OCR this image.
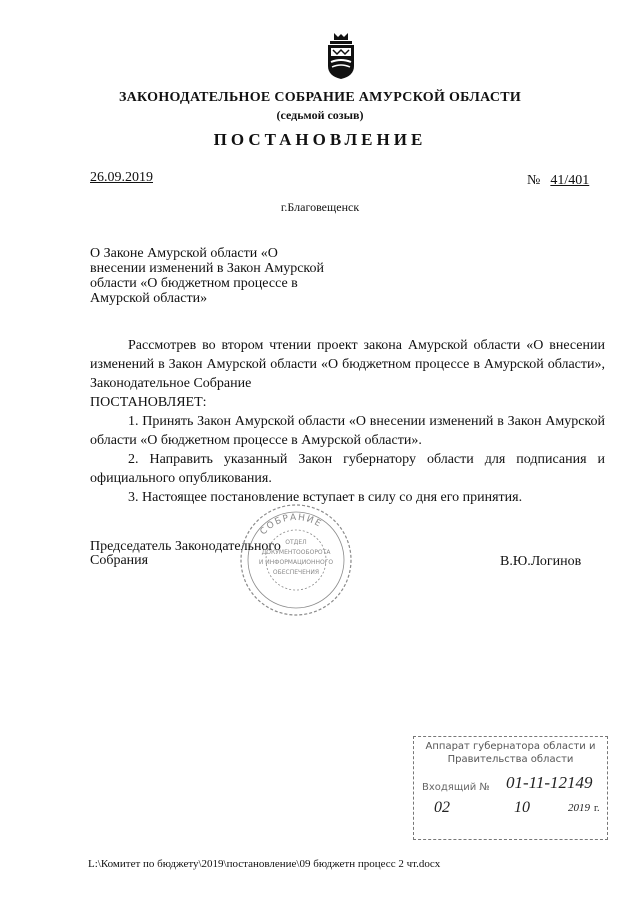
ЗАКОНОДАТЕЛЬНОЕ СОБРАНИЕ АМУРСКОЙ ОБЛАСТИ
(седьмой созыв)
ПОСТАНОВЛЕНИЕ
26.09.2019	№ 41/401
г.Благовещенск
О Законе Амурской области «О внесении изменений в Закон Амурской области «О бюджетном процессе в Амурской области»

Рассмотрев во втором чтении проект закона Амурской области «О внесении изменений в Закон Амурской области «О бюджетном процессе в Амурской области», Законодательное Собрание

ПОСТАНОВЛЯЕТ:

1. Принять Закон Амурской области «О внесении изменений в Закон Амурской области «О бюджетном процессе в Амурской области».

2. Направить указанный Закон губернатору области для подписания и официального опубликования.

3. Настоящее постановление вступает в силу со дня его принятия.

СОБРАНИЕ
ОТДЕЛ
ДОКУМЕНТООБОРОТА
И ИНФОРМАЦИОННОГО
ОБЕСПЕЧЕНИЯ
Председатель Законодательного
Собрания	В.Ю.Логинов
Аппарат губернатора области и
Правительства области
Входящий № 01-11-12149
02	10	2019 г.
L:\Комитет по бюджету\2019\постановление\09 бюджетн процесс 2 чт.docx
